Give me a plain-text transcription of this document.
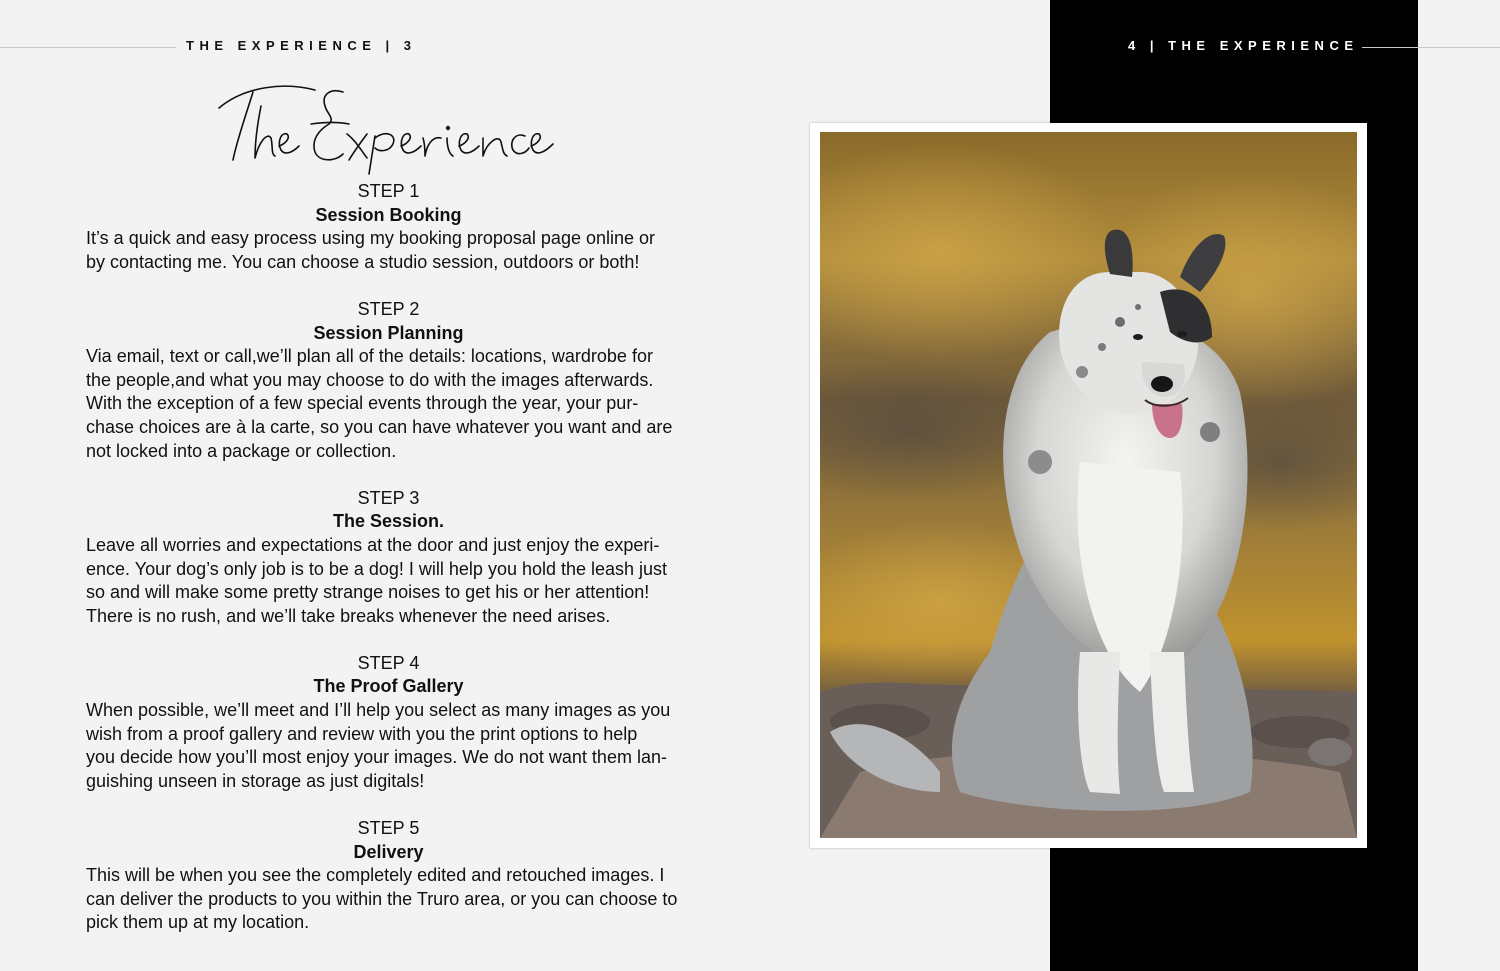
THE EXPERIENCE | 3	4 | THE EXPERIENCE
STEP 1
Session Booking
It’s a quick and easy process using my booking proposal page online or
by contacting me. You can choose a studio session, outdoors or both!
STEP 2
Session Planning
Via email, text or call,we’ll plan all of the details: locations, wardrobe for
the people,and what you may choose to do with the images afterwards.
With the exception of a few special events through the year, your pur-
chase choices are à la carte, so you can have whatever you want and are
not locked into a package or collection.
STEP 3
The Session.
Leave all worries and expectations at the door and just enjoy the experi-
ence. Your dog’s only job is to be a dog! I will help you hold the leash just
so and will make some pretty strange noises to get his or her attention!
There is no rush, and we’ll take breaks whenever the need arises.
STEP 4
The Proof Gallery
When possible, we’ll meet and I’ll help you select as many images as you
wish from a proof gallery and review with you the print options to help
you decide how you’ll most enjoy your images. We do not want them lan-
guishing unseen in storage as just digitals!
STEP 5
Delivery
This will be when you see the completely edited and retouched images. I
can deliver the products to you within the Truro area, or you can choose to
pick them up at my location.
